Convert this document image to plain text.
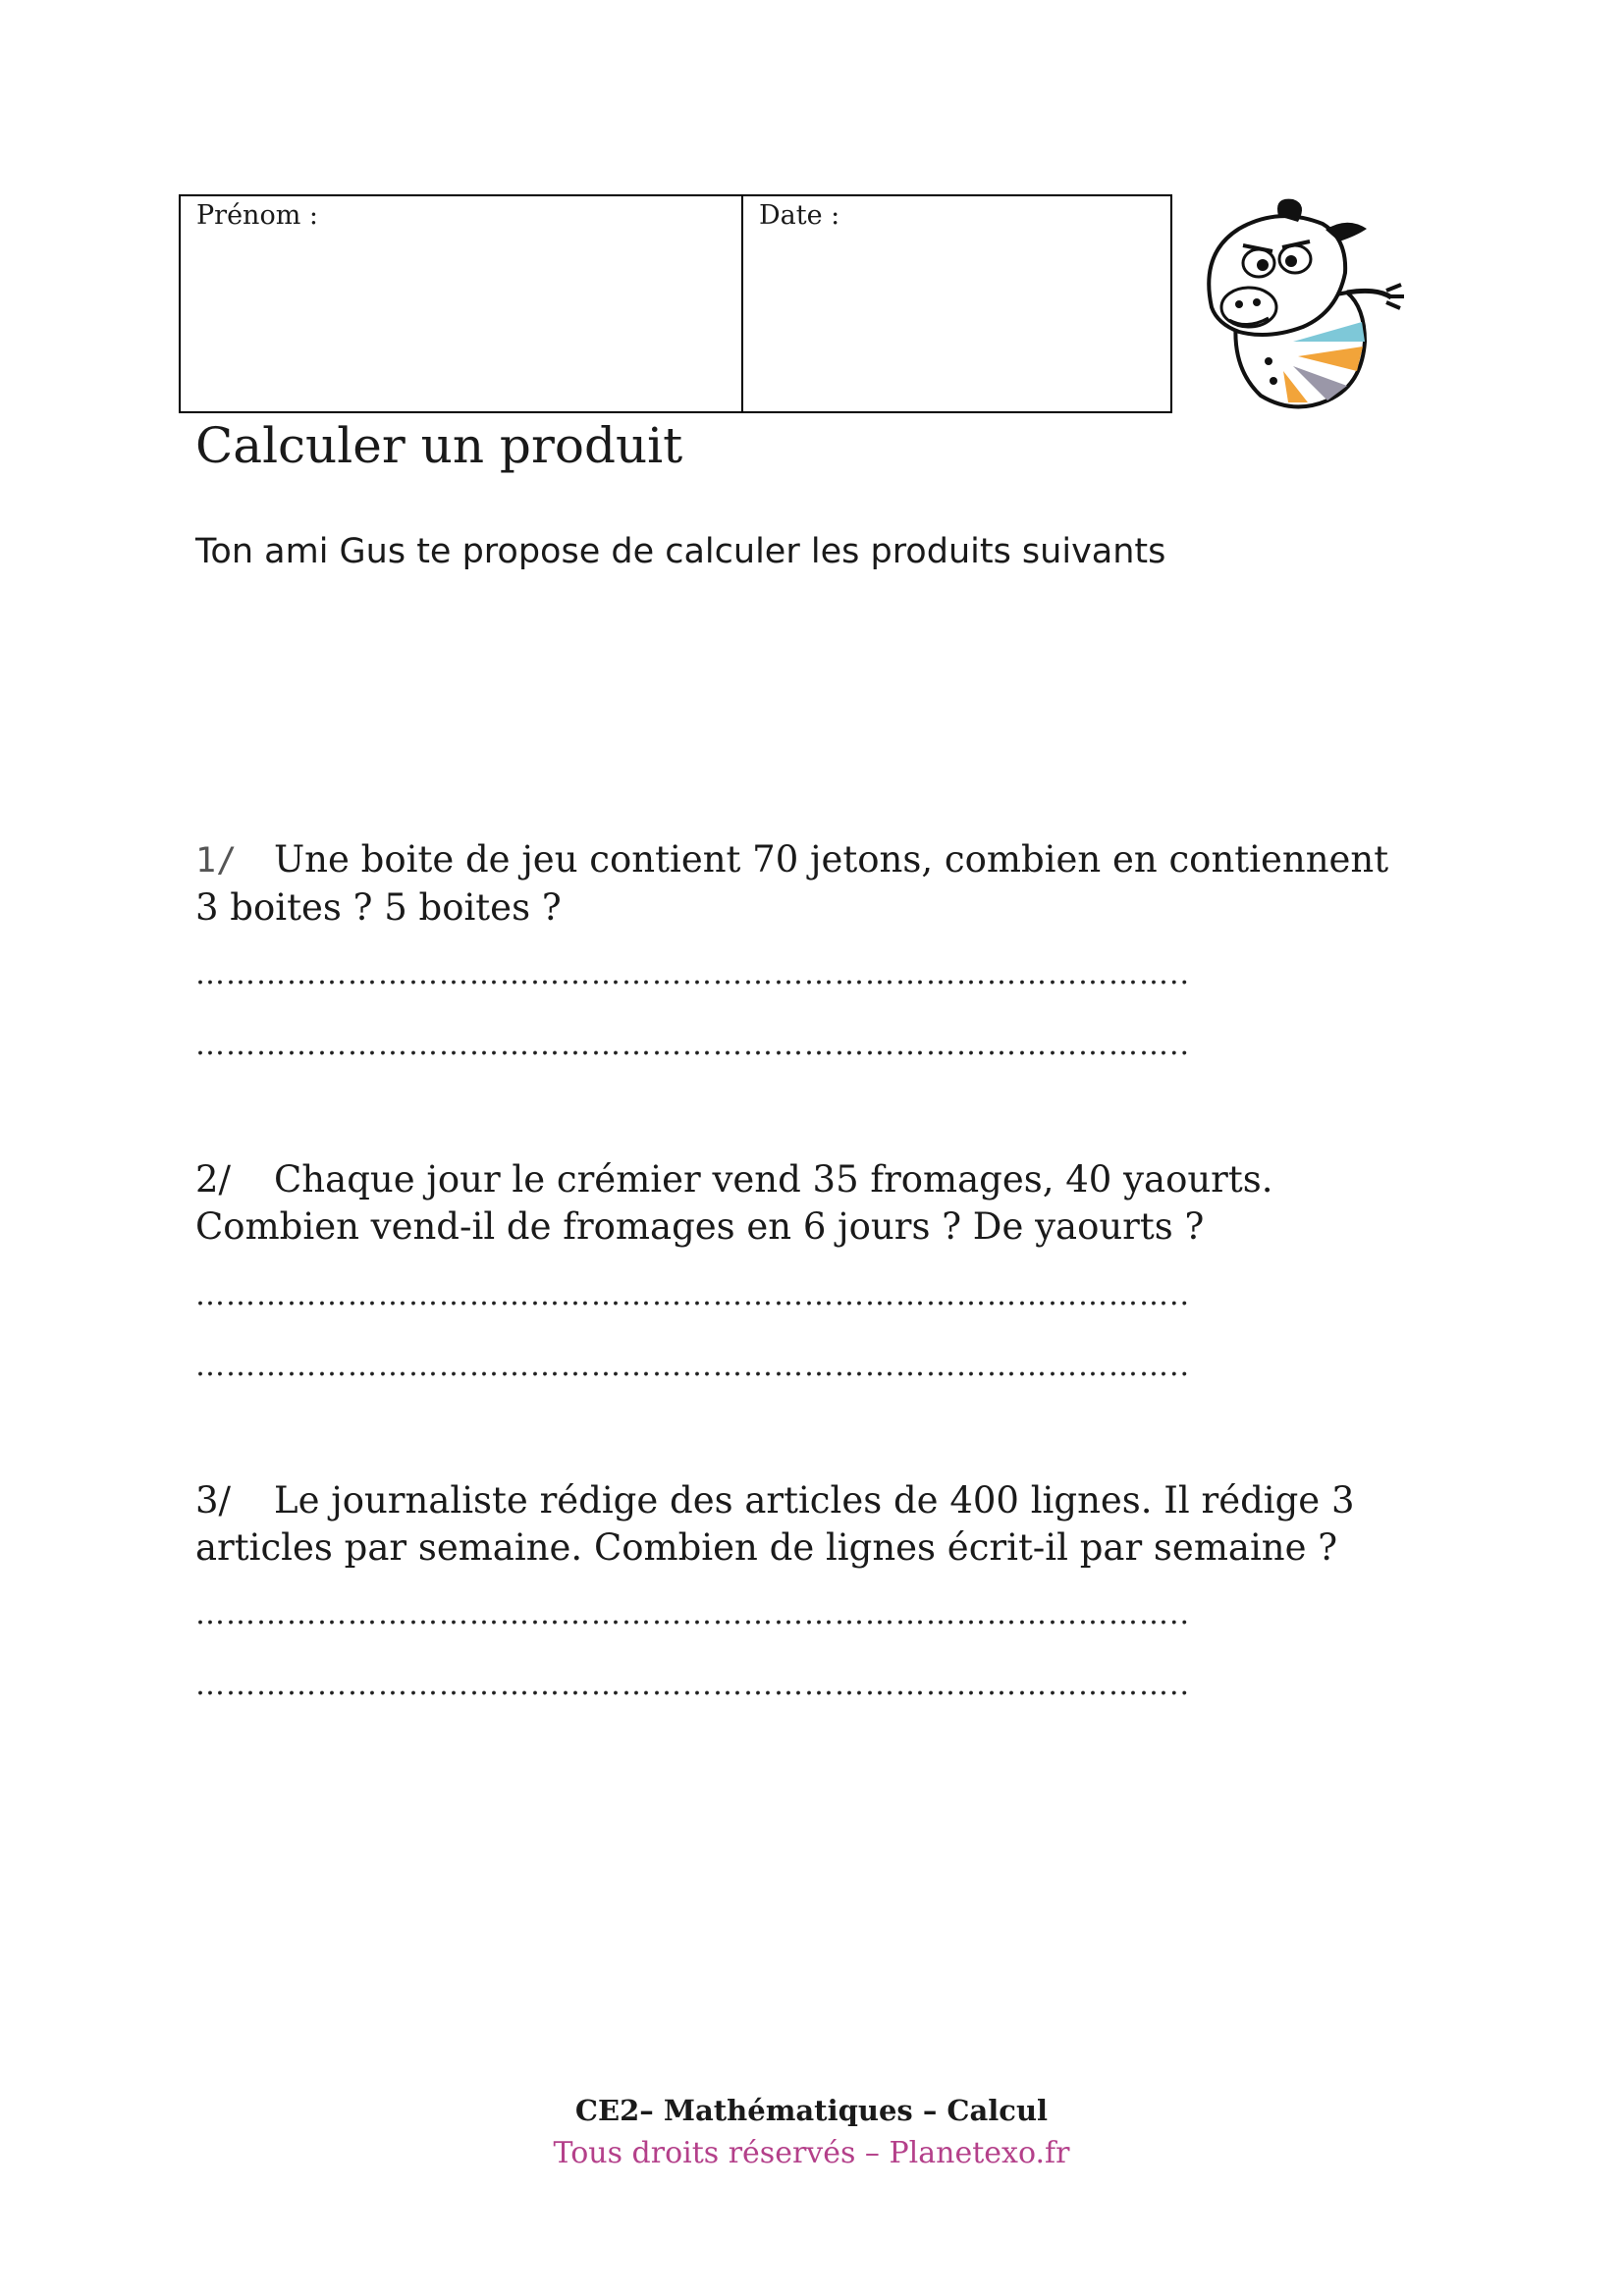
Prénom :	Date :
Calculer un produit

Ton ami Gus te propose de calculer les produits suivants

1/ Une boite de jeu contient 70 jetons, combien en contiennent 3 boites ? 5 boites ?

……………………………………………………………………………………..
……………………………………………………………………………………..

2/ Chaque jour le crémier vend 35 fromages, 40 yaourts. Combien vend-il de fromages en 6 jours ? De yaourts ?

……………………………………………………………………………………..
……………………………………………………………………………………..

3/ Le journaliste rédige des articles de 400 lignes. Il rédige 3 articles par semaine. Combien de lignes écrit-il par semaine ?

……………………………………………………………………………………..
……………………………………………………………………………………..
CE2– Mathématiques – Calcul
Tous droits réservés – Planetexo.fr
